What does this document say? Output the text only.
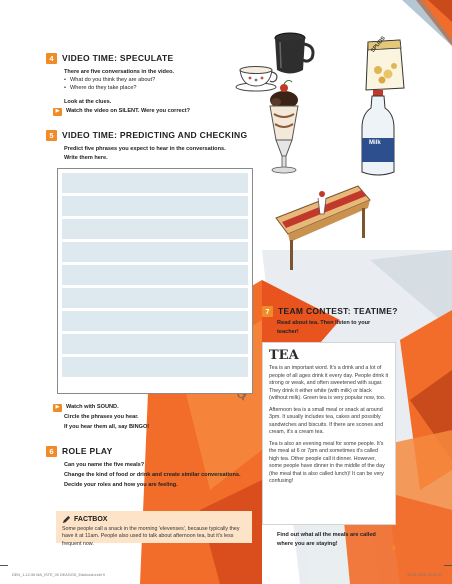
SPUDS
Milk
4 VIDEO TIME: SPECULATE
There are five conversations in the video.
• What do you think they are about?
• Where do they take place?
Look at the clues.
▶	Watch the video on SILENT. Were you correct?
5 VIDEO TIME: PREDICTING AND CHECKING
Predict five phrases you expect to hear in the conversations.
Write them here.
▶	Watch with SOUND.
Circle the phrases you hear.
If you hear them all, say BINGO!
6 ROLE PLAY
Can you name the five meals?
Change the kind of food or drink and create similar conversations.
Decide your roles and how you are feeling.
FACTBOX
Some people call a snack in the morning 'elevenses', because typically they have it at 11am. People also used to talk about afternoon tea, but it's less frequent now.
7 TEAM CONTEST: TEATIME?
Read about tea. Then listen to your
teacher!
TEA
Tea is an important word. It's a drink and a lot of people of all ages drink it every day. People drink it strong or weak, and often sweetened with sugar. They drink it either white (with milk) or black (without milk). Green tea is very popular now, too.
Afternoon tea is a small meal or snack at around 3pm. It usually includes tea, cakes and possibly sandwiches and biscuits. If there are scones and cream, it's a cream tea.
Tea is also an evening meal for some people. It's the meal at 6 or 7pm and sometimes it's called high tea. Other people call it dinner. However, some people have dinner in the middle of the day (the meal that is also called lunch)! It can be very confusing!
Find out what all the meals are called
where you are staying!
9
DEN_1-12-96 MA_ISTE_00 DEAGOD_Edubook.indd 9	30.01.2019 13:30:42
